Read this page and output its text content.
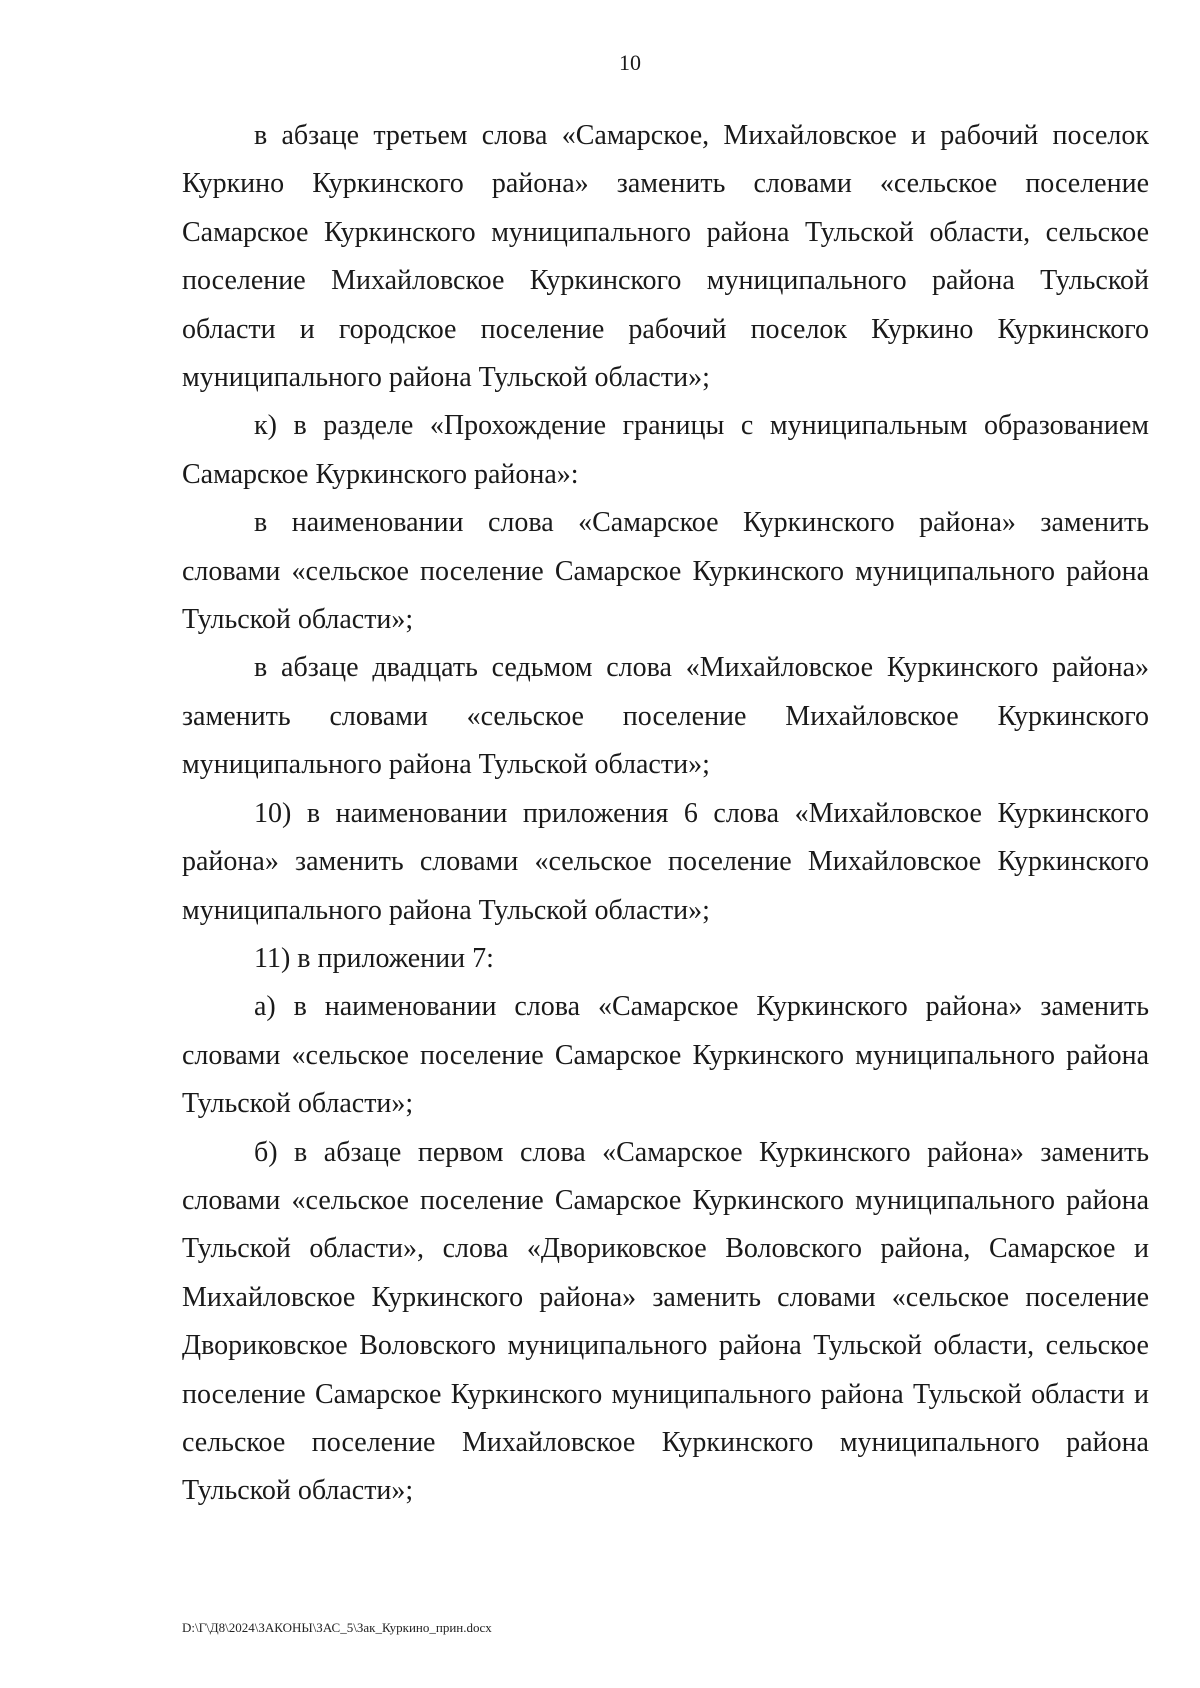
10

в абзаце третьем слова «Самарское, Михайловское и рабочий поселок Куркино Куркинского района» заменить словами «сельское поселение Самарское Куркинского муниципального района Тульской области, сельское поселение Михайловское Куркинского муниципального района Тульской области и городское поселение рабочий поселок Куркино Куркинского муниципального района Тульской области»;

к) в разделе «Прохождение границы с муниципальным образованием Самарское Куркинского района»:

в наименовании слова «Самарское Куркинского района» заменить словами «сельское поселение Самарское Куркинского муниципального района Тульской области»;

в абзаце двадцать седьмом слова «Михайловское Куркинского района» заменить словами «сельское поселение Михайловское Куркинского муниципального района Тульской области»;

10) в наименовании приложения 6 слова «Михайловское Куркинского района» заменить словами «сельское поселение Михайловское Куркинского муниципального района Тульской области»;

11) в приложении 7:

а) в наименовании слова «Самарское Куркинского района» заменить словами «сельское поселение Самарское Куркинского муниципального района Тульской области»;

б) в абзаце первом слова «Самарское Куркинского района» заменить словами «сельское поселение Самарское Куркинского муниципального района Тульской области», слова «Двориковское Воловского района, Самарское и Михайловское Куркинского района» заменить словами «сельское поселение Двориковское Воловского муниципального района Тульской области, сельское поселение Самарское Куркинского муниципального района Тульской области и сельское поселение Михайловское Куркинского муниципального района Тульской области»;

D:\Г\Д8\2024\ЗАКОНЫ\ЗАС_5\Зак_Куркино_прин.docx
